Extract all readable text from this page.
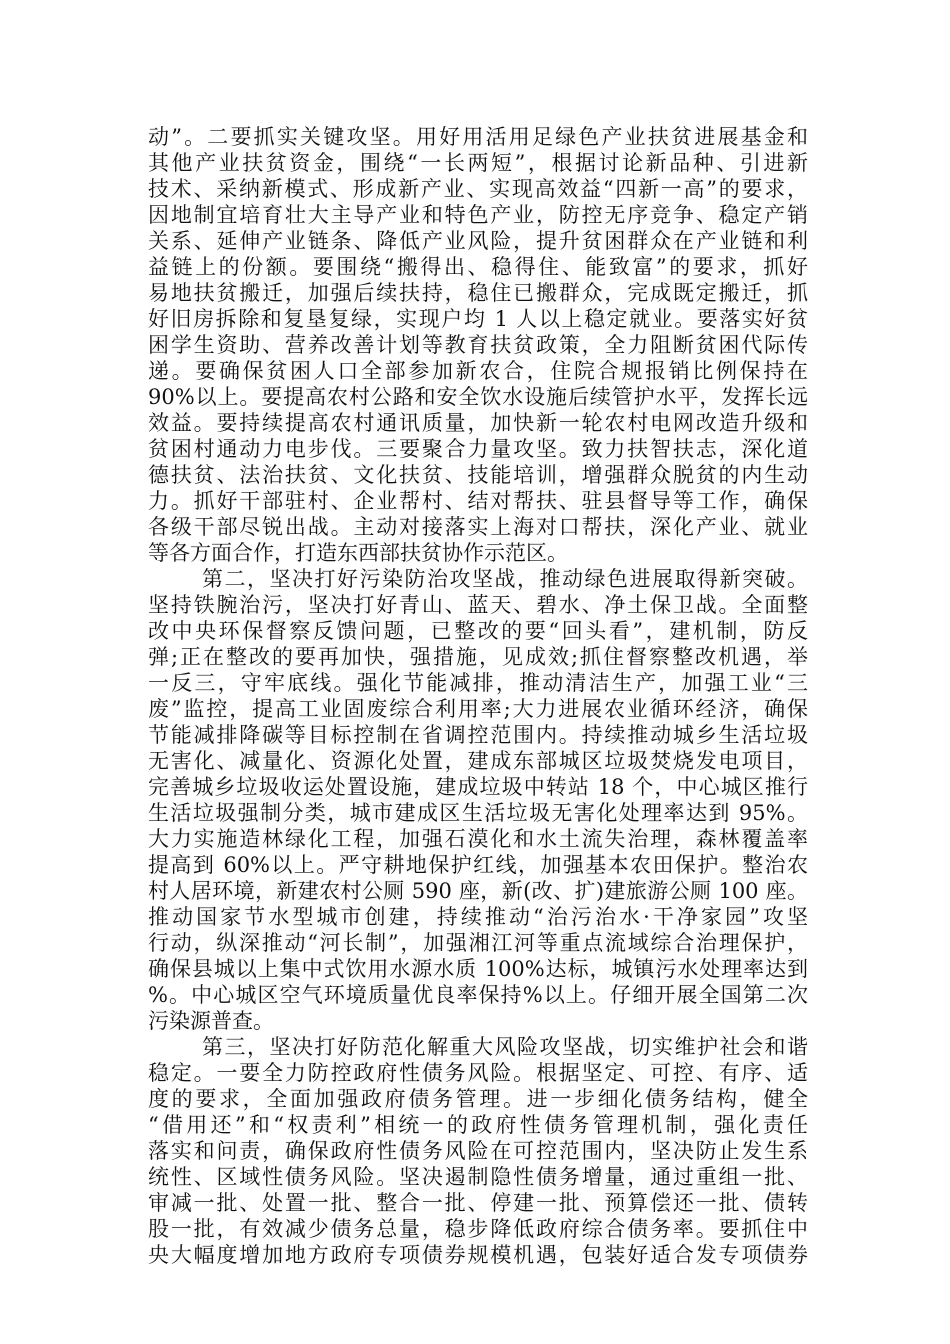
动”。二要抓实关键攻坚。用好用活用足绿色产业扶贫进展基金和
其他产业扶贫资金，围绕“一长两短”，根据讨论新品种、引进新
技术、采纳新模式、形成新产业、实现高效益“四新一高”的要求，
因地制宜培育壮大主导产业和特色产业，防控无序竞争、稳定产销
关系、延伸产业链条、降低产业风险，提升贫困群众在产业链和利
益链上的份额。要围绕“搬得出、稳得住、能致富”的要求，抓好
易地扶贫搬迁，加强后续扶持，稳住已搬群众，完成既定搬迁，抓
好旧房拆除和复垦复绿，实现户均 1 人以上稳定就业。要落实好贫
困学生资助、营养改善计划等教育扶贫政策，全力阻断贫困代际传
递。要确保贫困人口全部参加新农合，住院合规报销比例保持在
90%以上。要提高农村公路和安全饮水设施后续管护水平，发挥长远
效益。要持续提高农村通讯质量，加快新一轮农村电网改造升级和
贫困村通动力电步伐。三要聚合力量攻坚。致力扶智扶志，深化道
德扶贫、法治扶贫、文化扶贫、技能培训，增强群众脱贫的内生动
力。抓好干部驻村、企业帮村、结对帮扶、驻县督导等工作，确保
各级干部尽锐出战。主动对接落实上海对口帮扶，深化产业、就业
等各方面合作，打造东西部扶贫协作示范区。
第二，坚决打好污染防治攻坚战，推动绿色进展取得新突破。
坚持铁腕治污，坚决打好青山、蓝天、碧水、净土保卫战。全面整
改中央环保督察反馈问题，已整改的要“回头看”，建机制，防反
弹;正在整改的要再加快，强措施，见成效;抓住督察整改机遇，举
一反三，守牢底线。强化节能减排，推动清洁生产，加强工业“三
废”监控，提高工业固废综合利用率;大力进展农业循环经济，确保
节能减排降碳等目标控制在省调控范围内。持续推动城乡生活垃圾
无害化、减量化、资源化处置，建成东部城区垃圾焚烧发电项目，
完善城乡垃圾收运处置设施，建成垃圾中转站 18 个，中心城区推行
生活垃圾强制分类，城市建成区生活垃圾无害化处理率达到 95%。
大力实施造林绿化工程，加强石漠化和水土流失治理，森林覆盖率
提高到 60%以上。严守耕地保护红线，加强基本农田保护。整治农
村人居环境，新建农村公厕 590 座，新(改、扩)建旅游公厕 100 座。
推动国家节水型城市创建，持续推动“治污治水·干净家园”攻坚
行动，纵深推动“河长制”，加强湘江河等重点流域综合治理保护，
确保县城以上集中式饮用水源水质 100%达标，城镇污水处理率达到
%。中心城区空气环境质量优良率保持%以上。仔细开展全国第二次
污染源普查。
第三，坚决打好防范化解重大风险攻坚战，切实维护社会和谐
稳定。一要全力防控政府性债务风险。根据坚定、可控、有序、适
度的要求，全面加强政府债务管理。进一步细化债务结构，健全
“借用还”和“权责利”相统一的政府性债务管理机制，强化责任
落实和问责，确保政府性债务风险在可控范围内，坚决防止发生系
统性、区域性债务风险。坚决遏制隐性债务增量，通过重组一批、
审减一批、处置一批、整合一批、停建一批、预算偿还一批、债转
股一批，有效减少债务总量，稳步降低政府综合债务率。要抓住中
央大幅度增加地方政府专项债券规模机遇，包装好适合发专项债券
